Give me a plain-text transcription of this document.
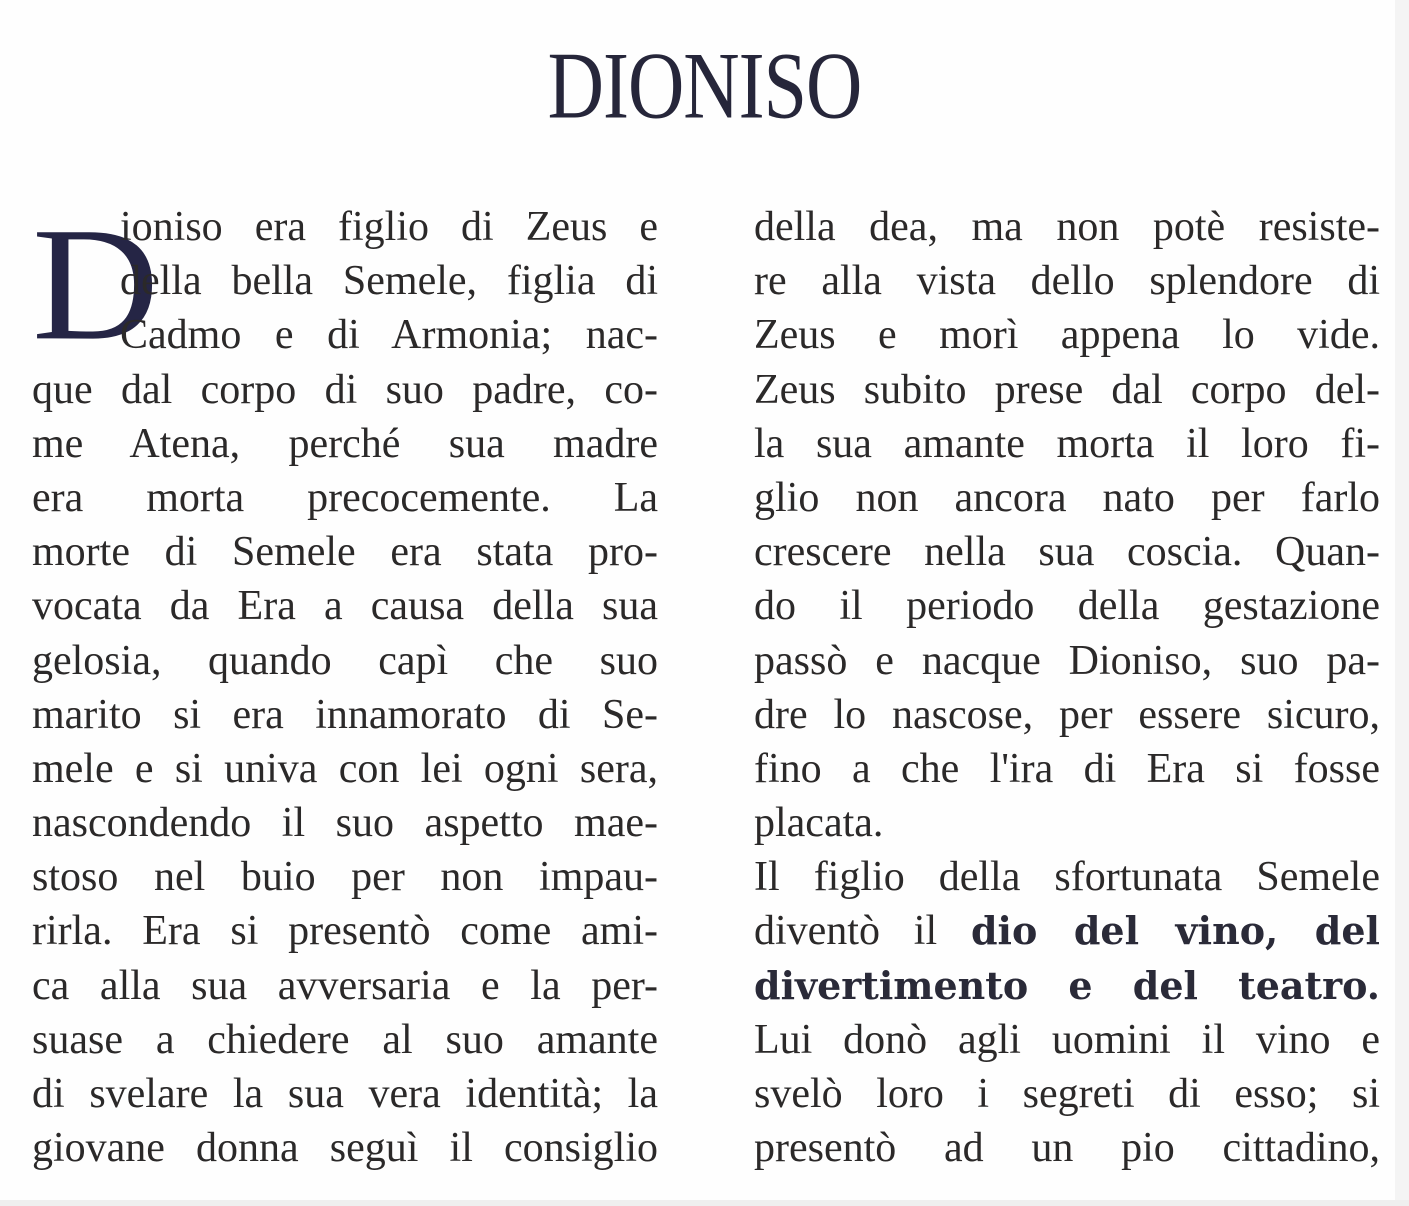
DIONISO
D
ioniso era figlio di Zeus e
della bella Semele, figlia di
Cadmo e di Armonia; nac-
que dal corpo di suo padre, co-
me Atena, perché sua madre
era morta precocemente. La
morte di Semele era stata pro-
vocata da Era a causa della sua
gelosia, quando capì che suo
marito si era innamorato di Se-
mele e si univa con lei ogni sera,
nascondendo il suo aspetto mae-
stoso nel buio per non impau-
rirla. Era si presentò come ami-
ca alla sua avversaria e la per-
suase a chiedere al suo amante
di svelare la sua vera identità; la
giovane donna seguì il consiglio
della dea, ma non potè resiste-
re alla vista dello splendore di
Zeus e morì appena lo vide.
Zeus subito prese dal corpo del-
la sua amante morta il loro fi-
glio non ancora nato per farlo
crescere nella sua coscia. Quan-
do il periodo della gestazione
passò e nacque Dioniso, suo pa-
dre lo nascose, per essere sicuro,
fino a che l'ira di Era si fosse
placata.
Il figlio della sfortunata Semele
diventò il dio del vino, del
divertimento e del teatro.
Lui donò agli uomini il vino e
svelò loro i segreti di esso; si
presentò ad un pio cittadino,
